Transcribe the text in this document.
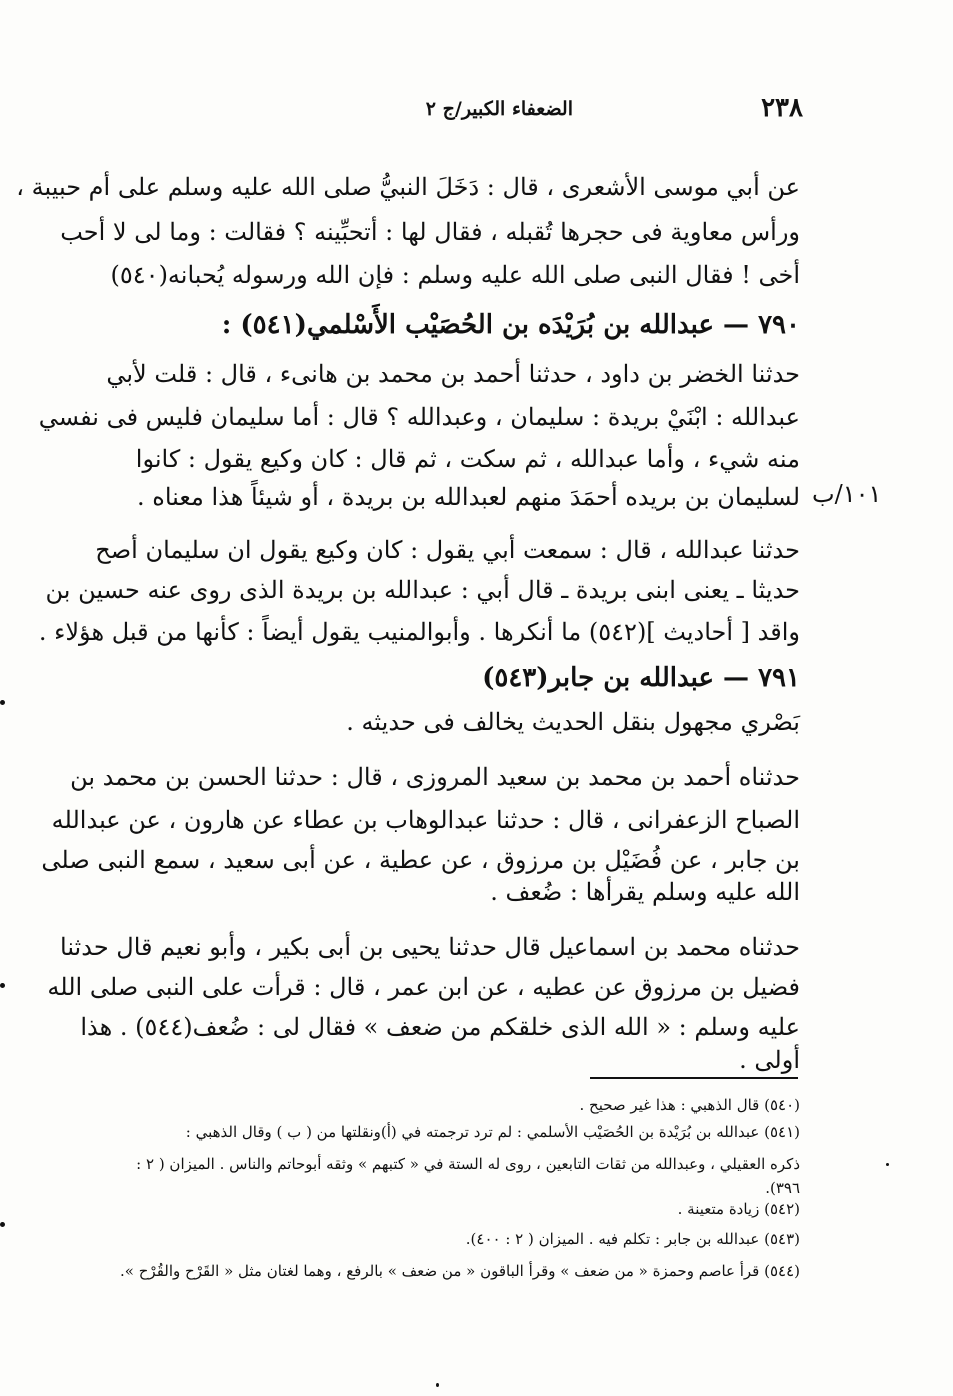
٢٣٨
الضعفاء الكبير/ج ٢
١٠١/ب
عن أبي موسى الأشعرى ، قال : دَخَلَ النبيُّ صلى الله عليه وسلم على أم حبيبة ،
ورأس معاوية فى حجرها تُقبله ، فقال لها : أتحبِّينه ؟ فقالت : وما لى لا أحب
أخى ! فقال النبى صلى الله عليه وسلم : فإن الله ورسوله يُحبانه(٥٤٠)
٧٩٠ — عبدالله بن بُرَيْدَه بن الحُصَيْب الأَسْلمي(٥٤١) :
حدثنا الخضر بن داود ، حدثنا أحمد بن محمد بن هانىء ، قال : قلت لأبي
عبدالله : ابْنَيْ بريدة : سليمان ، وعبدالله ؟ قال : أما سليمان فليس فى نفسي
منه شيء ، وأما عبدالله ، ثم سكت ، ثم قال : كان وكيع يقول : كانوا
لسليمان بن بريده أحمَدَ منهم لعبدالله بن بريدة ، أو شيئاً هذا معناه .
حدثنا عبدالله ، قال : سمعت أبي يقول : كان وكيع يقول ان سليمان أصح
حديثا ـ يعنى ابنى بريدة ـ قال أبي : عبدالله بن بريدة الذى روى عنه حسين بن
واقد [ أحاديث ](٥٤٢) ما أنكرها . وأبوالمنيب يقول أيضاً : كأنها من قبل هؤلاء .
٧٩١ — عبدالله بن جابر(٥٤٣)
بَصْري مجهول بنقل الحديث يخالف فى حديثه .
حدثناه أحمد بن محمد بن سعيد المروزى ، قال : حدثنا الحسن بن محمد بن
الصباح الزعفرانى ، قال : حدثنا عبدالوهاب بن عطاء عن هارون ، عن عبدالله
بن جابر ، عن فُضَيْل بن مرزوق ، عن عطية ، عن أبى سعيد ، سمع النبى صلى
الله عليه وسلم يقرأها : ضُعف .
حدثناه محمد بن اسماعيل قال حدثنا يحيى بن أبى بكير ، وأبو نعيم قال حدثنا
فضيل بن مرزوق عن عطيه ، عن ابن عمر ، قال : قرأت على النبى صلى الله
عليه وسلم : « الله الذى خلقكم من ضعف » فقال لى : ضُعف(٥٤٤) . هذا
أولى .
(٥٤٠) قال الذهبي : هذا غير صحيح .
(٥٤١) عبدالله بن بُرَيْدة بن الحُصَيْب الأسلمي : لم ترد ترجمته في (أ)ونقلتها من ( ب ) وقال الذهبي :
ذكره العقيلي ، وعبدالله من ثقات التابعين ، روى له الستة في « كتبهم » وثقه أبوحاتم والناس . الميزان ( ٢ : ٣٩٦).
(٥٤٢) زيادة متعينة .
(٥٤٣) عبدالله بن جابر : تكلم فيه . الميزان ( ٢ : ٤٠٠).
(٥٤٤) قرأ عاصم وحمزة « من ضعف » وقرأ الباقون « من ضعف » بالرفع ، وهما لغتان مثل « القَرْح والقُرْح ».
